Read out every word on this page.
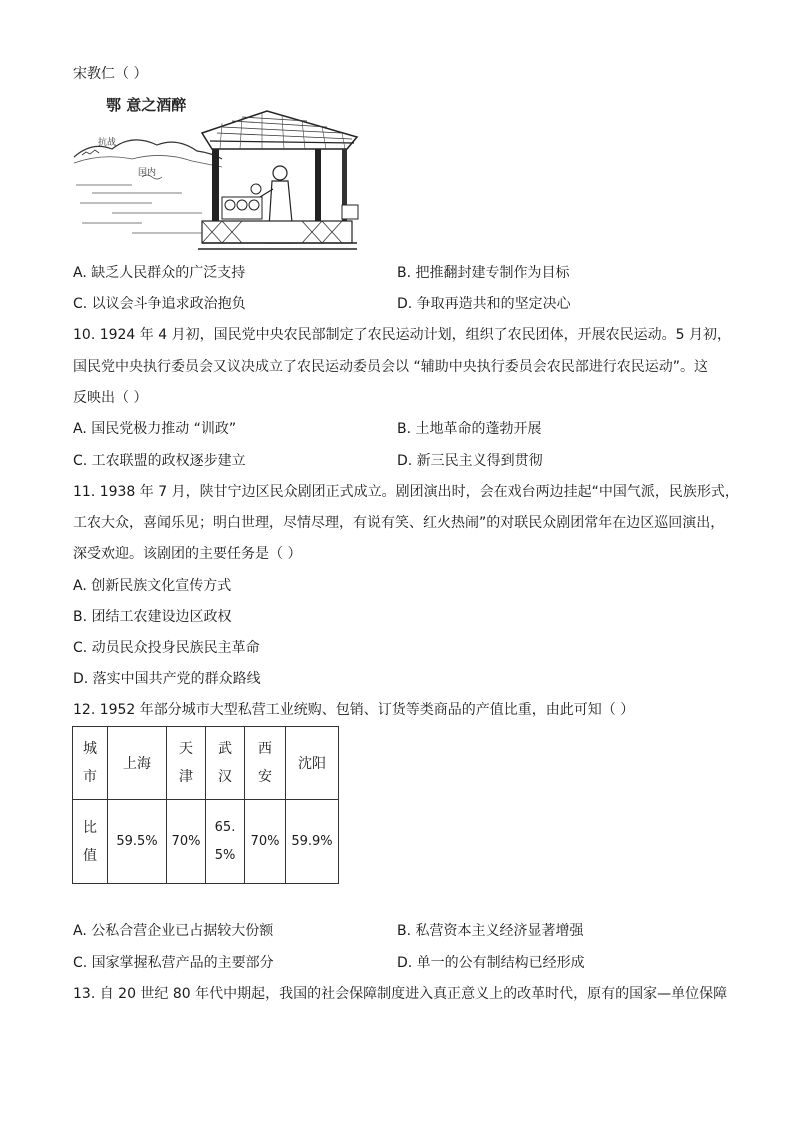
宋教仁（ ）
鄂 意之酒醉
抗战
国内
A. 缺乏人民群众的广泛支持	B. 把推翻封建专制作为目标
C. 以议会斗争追求政治抱负	D. 争取再造共和的坚定决心
10. 1924 年 4 月初，国民党中央农民部制定了农民运动计划，组织了农民团体，开展农民运动。5 月初，
国民党中央执行委员会又议决成立了农民运动委员会以 “辅助中央执行委员会农民部进行农民运动”。这
反映出（ ）
A. 国民党极力推动 “训政”	B. 土地革命的蓬勃开展
C. 工农联盟的政权逐步建立	D. 新三民主义得到贯彻
11. 1938 年 7 月，陕甘宁边区民众剧团正式成立。剧团演出时，会在戏台两边挂起“中国气派，民族形式，
工农大众，喜闻乐见；明白世理，尽情尽理，有说有笑、红火热闹”的对联民众剧团常年在边区巡回演出，
深受欢迎。该剧团的主要任务是（ ）
A. 创新民族文化宣传方式
B. 团结工农建设边区政权
C. 动员民众投身民族民主革命
D. 落实中国共产党的群众路线
12. 1952 年部分城市大型私营工业统购、包销、订货等类商品的产值比重，由此可知（ ）
城市	上海	天津	武汉	西安	沈阳
比值	59.5%	70%	65.5%	70%	59.9%
A. 公私合营企业已占据较大份额	B. 私营资本主义经济显著增强
C. 国家掌握私营产品的主要部分	D. 单一的公有制结构已经形成
13. 自 20 世纪 80 年代中期起，我国的社会保障制度进入真正意义上的改革时代，原有的国家—单位保障
